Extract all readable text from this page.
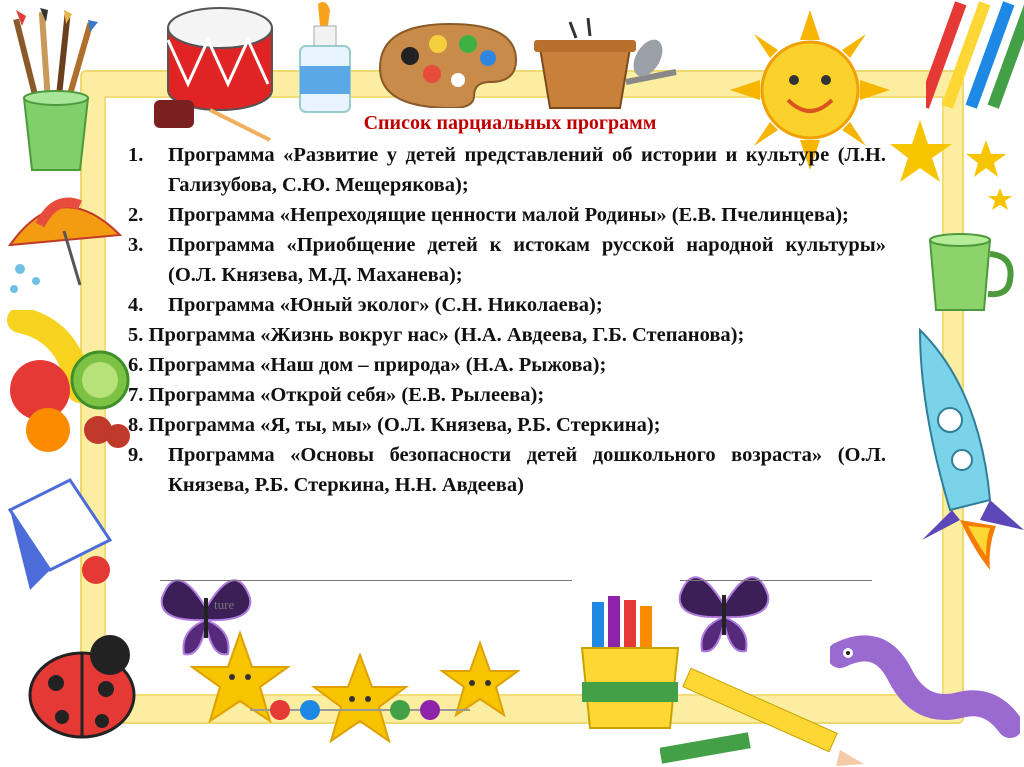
ture
Список парциальных программ
1. Программа «Развитие у детей представлений об истории и культуре (Л.Н. Гализубова, С.Ю. Мещерякова);
2. Программа «Непреходящие ценности малой Родины» (Е.В. Пчелинцева);
3. Программа «Приобщение детей к истокам русской народной культуры» (О.Л. Князева, М.Д. Маханева);
4. Программа «Юный эколог» (С.Н. Николаева);
5. Программа «Жизнь вокруг нас» (Н.А. Авдеева, Г.Б. Степанова);
6. Программа «Наш дом – природа» (Н.А. Рыжова);
7. Программа «Открой себя» (Е.В. Рылеева);
8. Программа «Я, ты, мы» (О.Л. Князева, Р.Б. Стеркина);
9. Программа «Основы безопасности детей дошкольного возраста» (О.Л. Князева, Р.Б. Стеркина, Н.Н. Авдеева)
